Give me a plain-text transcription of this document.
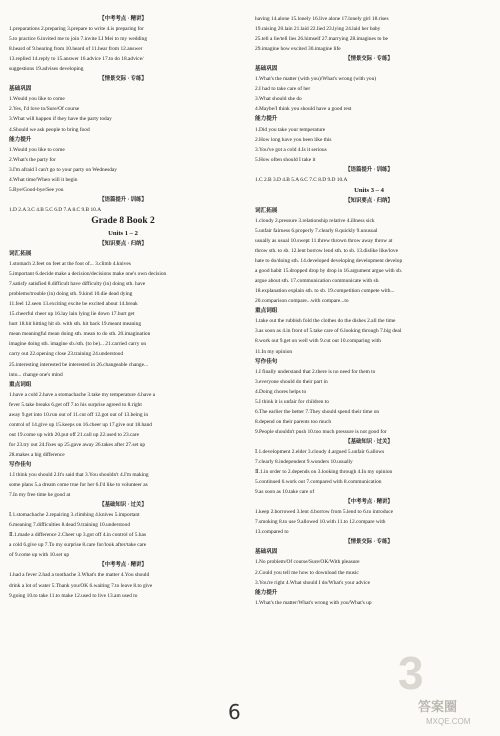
【中考考点 · 精讲】
1.preparations 2.preparing 3.prepare to write 4.is preparing for
5.to practice 6.invited me to join 7.invite LI Mei to my wedding
8.heard of 9.hearing from 10.heard of 11.hear from 12.answer
13.replied 14.reply to 15.answer 16.advice 17.to do 18.advice/
suggestions 19.advises developing
【情景交际 · 专练】
基础巩固
1.Would you like to come
2.Yes, I'd love to/Sure/Of course
3.What will happen if they have the party today
4.Should we ask people to bring food
能力提升
1.Would you like to come
2.What's the party for
3.I'm afraid I can't go to your party on Wednesday
4.What time/When will it begin
5.Bye/Good-bye/See you
【语篇提升 · 训练】
1.D 2.A 3.C 4.B 5.C 6.D 7.A 8.C 9.B 10.A
Grade 8 Book 2
Units 1 – 2
【知识要点 · 归纳】
词汇拓展
1.stomach 2.feet on feet at the foot of... 3.climb 4.knives
5.important 6.decide make a decision/decisions make one's own decision
7.satisfy satisfied 8.difficult have difficulty (in) doing sth. have
problems/trouble (in) doing sth. 9.kind 10.die dead dying
11.feel 12.seen 13.exciting excite be excited about 14.break
15.cheerful cheer up 16.lay lain lying lie down 17.hurt get
hurt 18.hit hitting hit sb. with sth. hit back 19.meant meaning
mean meaningful mean doing sth. mean to do sth. 20.imagination
imagine doing sth. imagine sb./sth. (to be)... 21.carried carry on
carry out 22.opening close 23.training 24.understood
25.interesting interested be interested in 26.changeable change...
into... change one's mind
重点词组
1.have a cold 2.have a stomachache 3.take my temperature 4.have a
fever 5.take breaks 6.get off 7.to his surprise agreed to 8.right
away 9.get into 10.run out of 11.cut off 12.got out of 13.being in
control of 14.give up 15.keeps on 16.cheer up 17.give out 18.hand
out 19.come up with 20.put off 21.call up 22.used to 23.care
for 23.try out 24.fixes up 25.gave away 26.takes after 27.set up
28.makes a big difference
写作佳句
1.I think you should 2.It's said that 3.You shouldn't 4.I'm making
some plans 5.a dream come true for her 6.I'd like to volunteer as
7.In my free time he good at
【基础知识 · 过关】
Ⅰ.1.stomachache 2.repairing 3.climbing 4.knives 5.important
6.meaning 7.difficulties 8.dead 9.training 10.understood
Ⅱ.1.made a difference 2.Cheer up 3.got off 4.in control of 5.has
a cold 6.give up 7.To my surprise 8.care for/look after/take care
of 9.come up with 10.set up
【中考考点 · 精讲】
1.had a fever 2.had a toothache 3.What's the matter 4.You should
drink a lot of water 5.Thank you/OK 6.waiting 7.to leave 8.to give
9.going 10.to take 11.to make 12.used to live 13.am used to
having 14.alone 15.lonely 16.live alone 17.lonely girl 18.rises
19.raising 20.lain 21.laid 22.lied 23.lying 24.laid her baby
25.tell a lie/tell lies 26.himself 27.marrying 28.imagines to be
29.imagine how excited 30.imagine life
【情景交际 · 专练】
基础巩固
1.What's the matter (with you)/What's wrong (with you)
2.I had to take care of her
3.What should she do
4.Maybe/I think you should have a good rest
能力提升
1.Did you take your temperature
2.How long have you been like this
3.You've got a cold 4.Is it serious
5.How often should I take it
【语篇提升 · 训练】
1.C 2.B 3.D 4.B 5.A 6.C 7.C 8.D 9.D 10.A
Units 3 – 4
【知识要点 · 归纳】
词汇拓展
1.cloudy 2.pressure 3.relationship relative 4.illness sick
5.unfair fairness 6.properly 7.clearly 8.quickly 9.unusual
usually as usual 10.swept 11.threw thrown throw away throw at
throw sth. to sb. 12.lent borrow lend sth. to sb. 13.dislike like/love
hate to do/doing sth. 14.developed developing development develop
a good habit 15.dropped drop by drop in 16.argument argue with sb.
argue about sth. 17.communication communicate with sb.
18.explanation explain sth. to sb. 19.competition compete with...
20.comparison compare...with compare...to
重点词组
1.take out the rubbish fold the clothes do the dishes 2.all the time
3.as soon as 4.in front of 5.take care of 6.looking through 7.big deal
8.work out 9.get on well with 9.cut out 10.comparing with
11.In my opinion
写作佳句
1.I finally understand that 2.there is no need for them to
3.everyone should do their part in
4.Doing chores helps to
5.I think it is unfair for children to
6.The earlier the better 7.They should spend their time on
8.depend on their parents too much
9.People shouldn't push 10.too much pressure is not good for
【基础知识 · 过关】
Ⅰ.1.development 2.elder 3.cloudy 4.argued 5.unfair 6.allows
7.clearly 8.independent 9.wonders 10.usually
Ⅱ.1.in order to 2.depends on 3.looking through 4.In my opinion
5.continued 6.work out 7.compared with 8.communication
9.as soon as 10.take care of
【中考考点 · 精讲】
1.keep 2.borrowed 3.lent 4.borrow from 5.lend to 6.to introduce
7.smoking 8.to use 9.allowed 10.with 11.to 12.compare with
13.compared to
【情景交际 · 专练】
基础巩固
1.No problem/Of course/Sure/OK/With pleasure
2.Could you tell me how to download the music
3.You're right 4.What should I do/What's your advice
能力提升
1.What's the matter/What's wrong with you/What's up
6
3
答案圈
MXQE.COM
